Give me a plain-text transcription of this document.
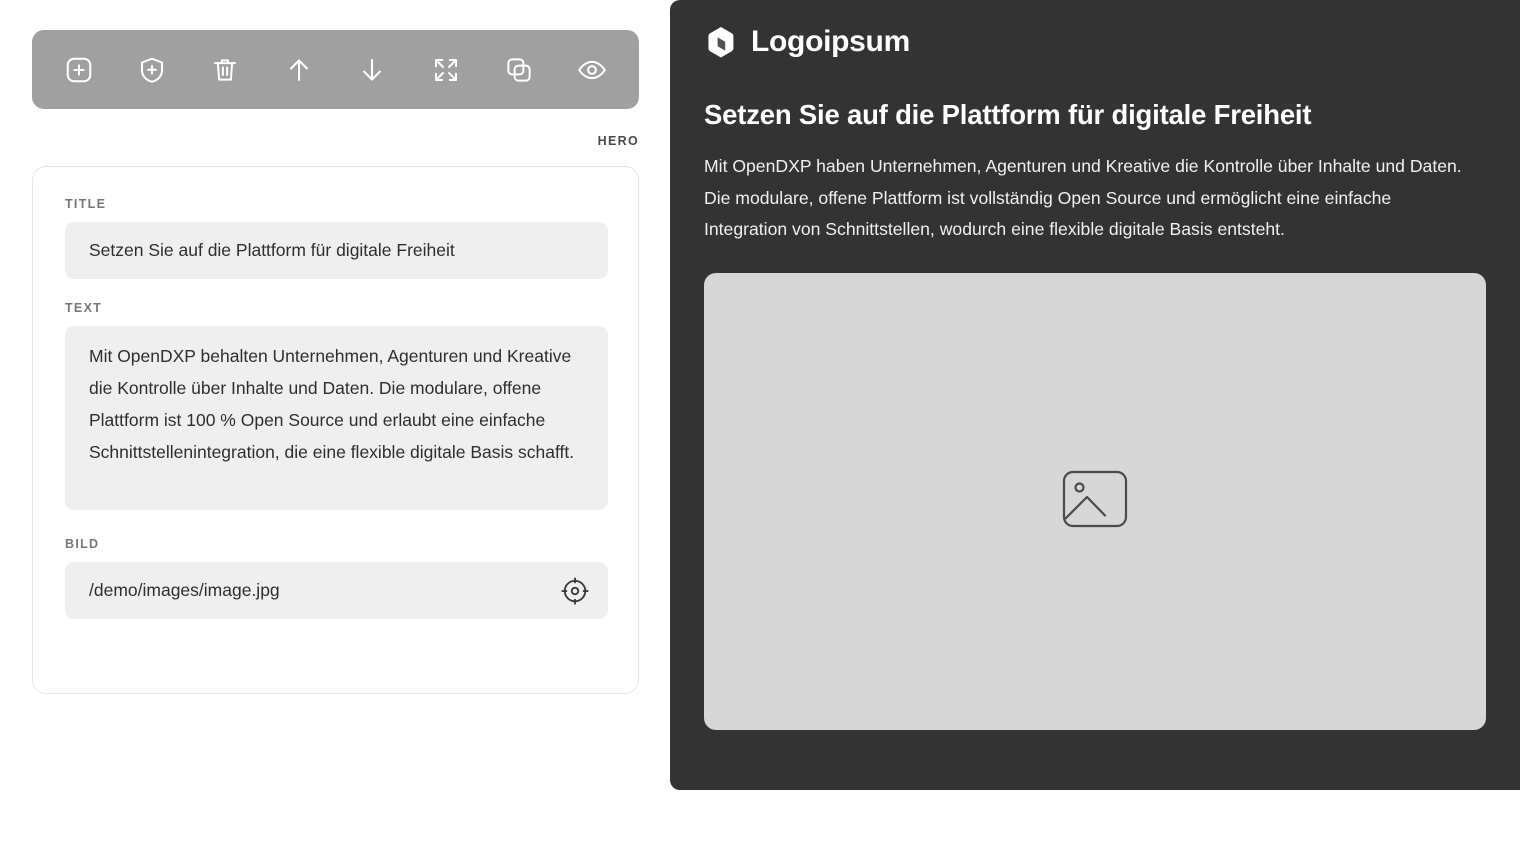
HERO
TITLE
Setzen Sie auf die Plattform für digitale Freiheit
TEXT
Mit OpenDXP behalten Unternehmen, Agenturen und Kreative die Kontrolle über Inhalte und Daten. Die modulare, offene Plattform ist 100 % Open Source und erlaubt eine einfache Schnittstellenintegration, die eine flexible digitale Basis schafft.
BILD
/demo/images/image.jpg
Logoipsum
Setzen Sie auf die Plattform für digitale Freiheit

Mit OpenDXP haben Unternehmen, Agenturen und Kreative die Kontrolle über Inhalte und Daten. Die modulare, offene Plattform ist vollständig Open Source und ermöglicht eine einfache Integration von Schnittstellen, wodurch eine flexible digitale Basis entsteht.
